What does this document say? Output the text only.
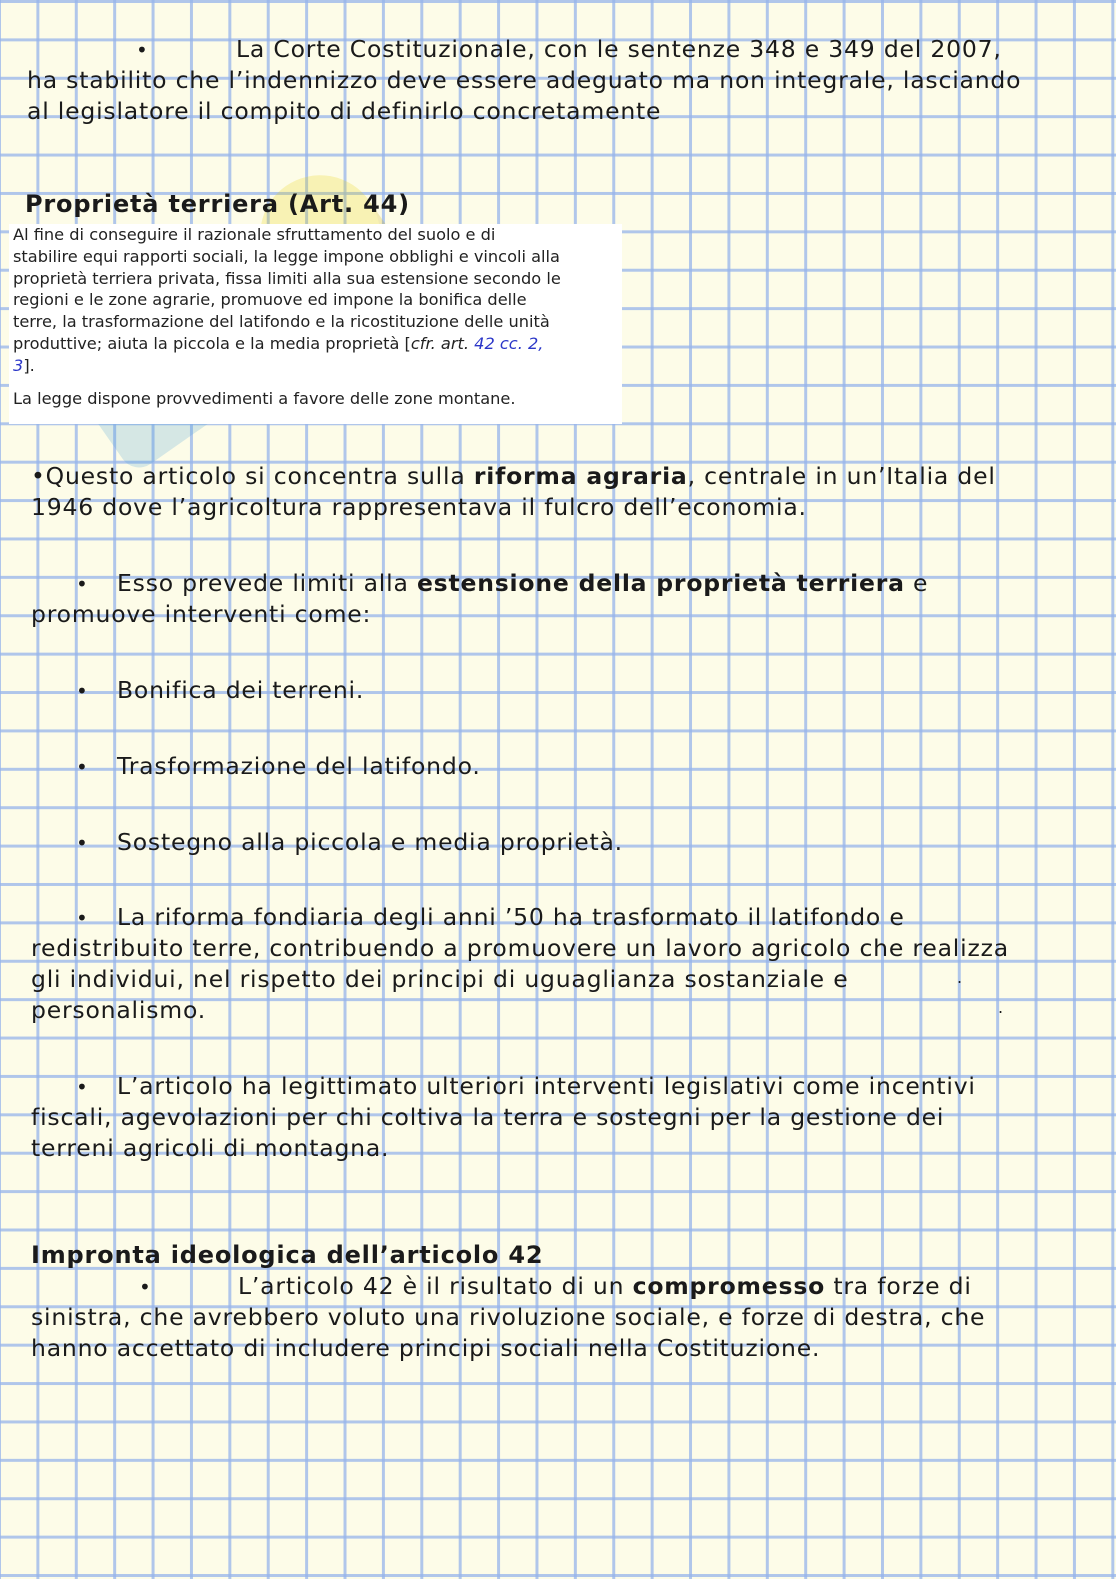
•	La Corte Costituzionale, con le sentenze 348 e 349 del 2007,
ha stabilito che l’indennizzo deve essere adeguato ma non integrale, lasciando
al legislatore il compito di definirlo concretamente
Proprietà terriera (Art. 44)
Al fine di conseguire il razionale sfruttamento del suolo e di
stabilire equi rapporti sociali, la legge impone obblighi e vincoli alla
proprietà terriera privata, fissa limiti alla sua estensione secondo le
regioni e le zone agrarie, promuove ed impone la bonifica delle
terre, la trasformazione del latifondo e la ricostituzione delle unità
produttive; aiuta la piccola e la media proprietà [cfr. art. 42 cc. 2,
3].
La legge dispone provvedimenti a favore delle zone montane.
•Questo articolo si concentra sulla riforma agraria, centrale in un’Italia del
1946 dove l’agricoltura rappresentava il fulcro dell’economia.
• Esso prevede limiti alla estensione della proprietà terriera e
promuove interventi come:
• Bonifica dei terreni.
• Trasformazione del latifondo.
• Sostegno alla piccola e media proprietà.
• La riforma fondiaria degli anni ’50 ha trasformato il latifondo e
redistribuito terre, contribuendo a promuovere un lavoro agricolo che realizza
gli individui, nel rispetto dei principi di uguaglianza sostanziale e
personalismo.
.
.
• L’articolo ha legittimato ulteriori interventi legislativi come incentivi
fiscali, agevolazioni per chi coltiva la terra e sostegni per la gestione dei
terreni agricoli di montagna.
Impronta ideologica dell’articolo 42
•	L’articolo 42 è il risultato di un compromesso tra forze di
sinistra, che avrebbero voluto una rivoluzione sociale, e forze di destra, che
hanno accettato di includere principi sociali nella Costituzione.
